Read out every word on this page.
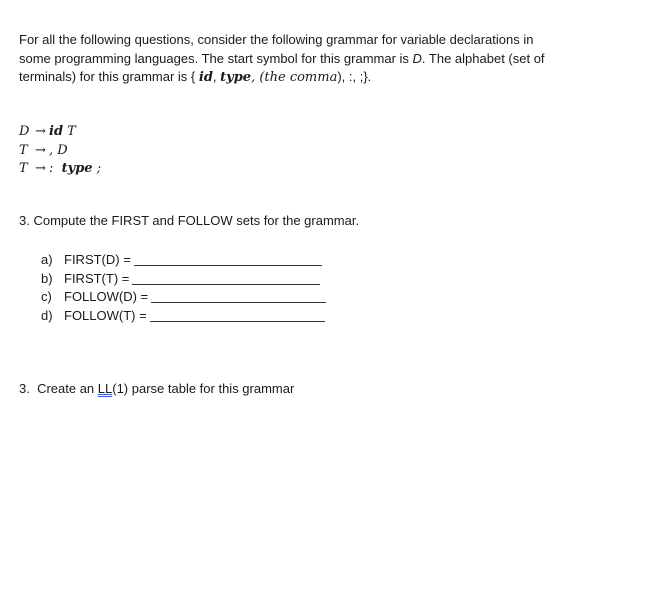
For all the following questions, consider the following grammar for variable declarations in
some programming languages. The start symbol for this grammar is D. The alphabet (set of
terminals) for this grammar is { id, type, (the comma), :, ;}.
D → id T
T → , D
T → :  type ;
3. Compute the FIRST and FOLLOW sets for the grammar.
a) FIRST(D) =
b) FIRST(T) =
c) FOLLOW(D) =
d) FOLLOW(T) =
3.  Create an LL(1) parse table for this grammar
